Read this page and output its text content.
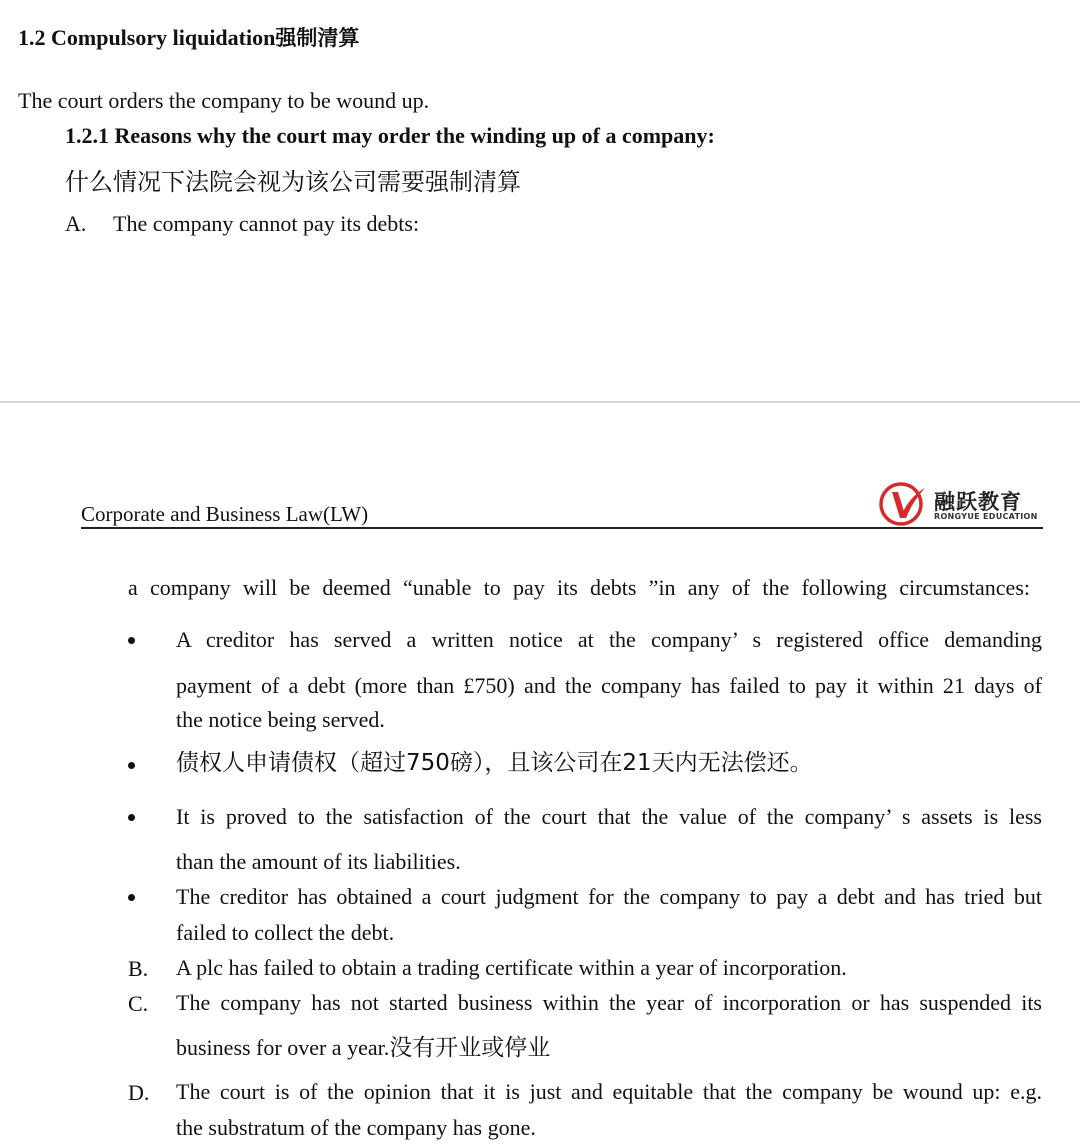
1.2 Compulsory liquidation强制清算
The court orders the company to be wound up.
1.2.1 Reasons why the court may order the winding up of a company:
什么情况下法院会视为该公司需要强制清算
A. The company cannot pay its debts:
Corporate and Business Law(LW)	融跃教育
RONGYUE EDUCATION
a company will be deemed “unable to pay its debts ”in any of the following circumstances:
A creditor has served a written notice at the company’ s registered office demanding
payment of a debt (more than £750) and the company has failed to pay it within 21 days of
the notice being served.
债权人申请债权（超过750磅），且该公司在21天内无法偿还。
It is proved to the satisfaction of the court that the value of the company’ s assets is less
than the amount of its liabilities.
The creditor has obtained a court judgment for the company to pay a debt and has tried but
failed to collect the debt.
B. A plc has failed to obtain a trading certificate within a year of incorporation.
C. The company has not started business within the year of incorporation or has suspended its
business for over a year.没有开业或停业
D. The court is of the opinion that it is just and equitable that the company be wound up: e.g.
the substratum of the company has gone.
